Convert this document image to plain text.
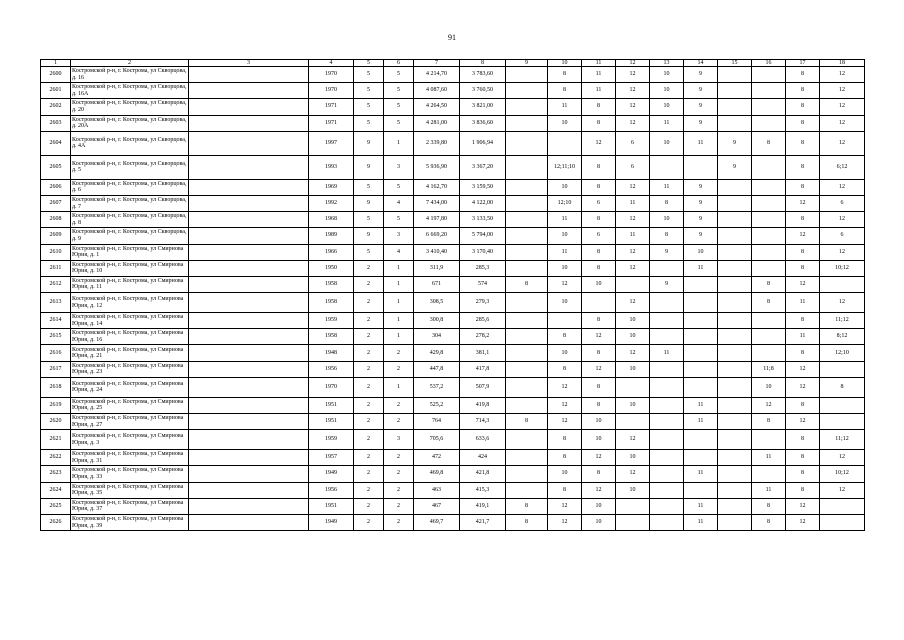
91
1	2	3	4	5	6	7	8	9	10	11	12	13	14	15	16	17	18
2600	Костромской р-н, г. Кострома, ул Скворцова, д. 16		1970	5	5	4 214,70	3 783,60		8	11	12	10	9			8	12
2601	Костромской р-н, г. Кострома, ул Скворцова, д. 16А		1970	5	5	4 087,60	3 760,50		8	11	12	10	9			8	12
2602	Костромской р-н, г. Кострома, ул Скворцова, д. 20		1971	5	5	4 264,50	3 821,00		11	8	12	10	9			8	12
2603	Костромской р-н, г. Кострома, ул Скворцова, д. 20А		1971	5	5	4 281,00	3 836,60		10	8	12	11	9			8	12
2604	Костромской р-н, г. Кострома, ул Скворцова, д. 4А		1997	9	1	2 339,80	1 906,94			12	6	10	11	9	8	8	12
2605	Костромской р-н, г. Кострома, ул Скворцова, д. 5		1993	9	3	5 936,90	3 367,20		12;11;10	8	6			9		8	6;12
2606	Костромской р-н, г. Кострома, ул Скворцова, д. 6		1969	5	5	4 162,70	3 159,50		10	8	12	11	9			8	12
2607	Костромской р-н, г. Кострома, ул Скворцова, д. 7		1992	9	4	7 434,00	4 122,00		12;10	6	11	8	9			12	6
2608	Костромской р-н, г. Кострома, ул Скворцова, д. 8		1968	5	5	4 197,80	3 133,50		11	8	12	10	9			8	12
2609	Костромской р-н, г. Кострома, ул Скворцова, д. 9		1989	9	3	6 669,20	5 794,00		10	6	11	8	9			12	6
2610	Костромской р-н, г. Кострома, ул Смирнова Юрия, д. 1		1966	5	4	3 410,40	3 170,40		11	8	12	9	10			8	12
2611	Костромской р-н, г. Кострома, ул Смирнова Юрия, д. 10		1950	2	1	311,9	285,3		10	8	12		11			8	10;12
2612	Костромской р-н, г. Кострома, ул Смирнова Юрия, д. 11		1958	2	1	671	574	8	12	10		9			8	12	
2613	Костромской р-н, г. Кострома, ул Смирнова Юрия, д. 12		1958	2	1	308,5	279,3		10		12				8	11	12
2614	Костромской р-н, г. Кострома, ул Смирнова Юрия, д. 14		1959	2	1	300,8	285,6			8	10					8	11;12
2615	Костромской р-н, г. Кострома, ул Смирнова Юрия, д. 16		1958	2	1	304	278,2		8	12	10					11	8;12
2616	Костромской р-н, г. Кострома, ул Смирнова Юрия, д. 21		1948	2	2	429,8	381,1		10	8	12	11				8	12;10
2617	Костромской р-н, г. Кострома, ул Смирнова Юрия, д. 23		1956	2	2	447,8	417,8		8	12	10				11;8	12	
2618	Костромской р-н, г. Кострома, ул Смирнова Юрия, д. 24		1970	2	1	537,2	507,9		12	8					10	12	8
2619	Костромской р-н, г. Кострома, ул Смирнова Юрия, д. 25		1951	2	2	525,2	419,8		12	8	10		11		12	8	
2620	Костромской р-н, г. Кострома, ул Смирнова Юрия, д. 27		1951	2	2	764	714,3	8	12	10			11		8	12	
2621	Костромской р-н, г. Кострома, ул Смирнова Юрия, д. 3		1959	2	3	705,6	633,6		8	10	12					8	11;12
2622	Костромской р-н, г. Кострома, ул Смирнова Юрия, д. 31		1957	2	2	472	424		8	12	10				11	8	12
2623	Костромской р-н, г. Кострома, ул Смирнова Юрия, д. 33		1949	2	2	469,8	421,8		10	8	12		11			8	10;12
2624	Костромской р-н, г. Кострома, ул Смирнова Юрия, д. 35		1956	2	2	463	415,3		8	12	10				11	8	12
2625	Костромской р-н, г. Кострома, ул Смирнова Юрия, д. 37		1951	2	2	467	419,1	8	12	10			11		8	12	
2626	Костромской р-н, г. Кострома, ул Смирнова Юрия, д. 39		1949	2	2	469,7	421,7	8	12	10			11		8	12	
